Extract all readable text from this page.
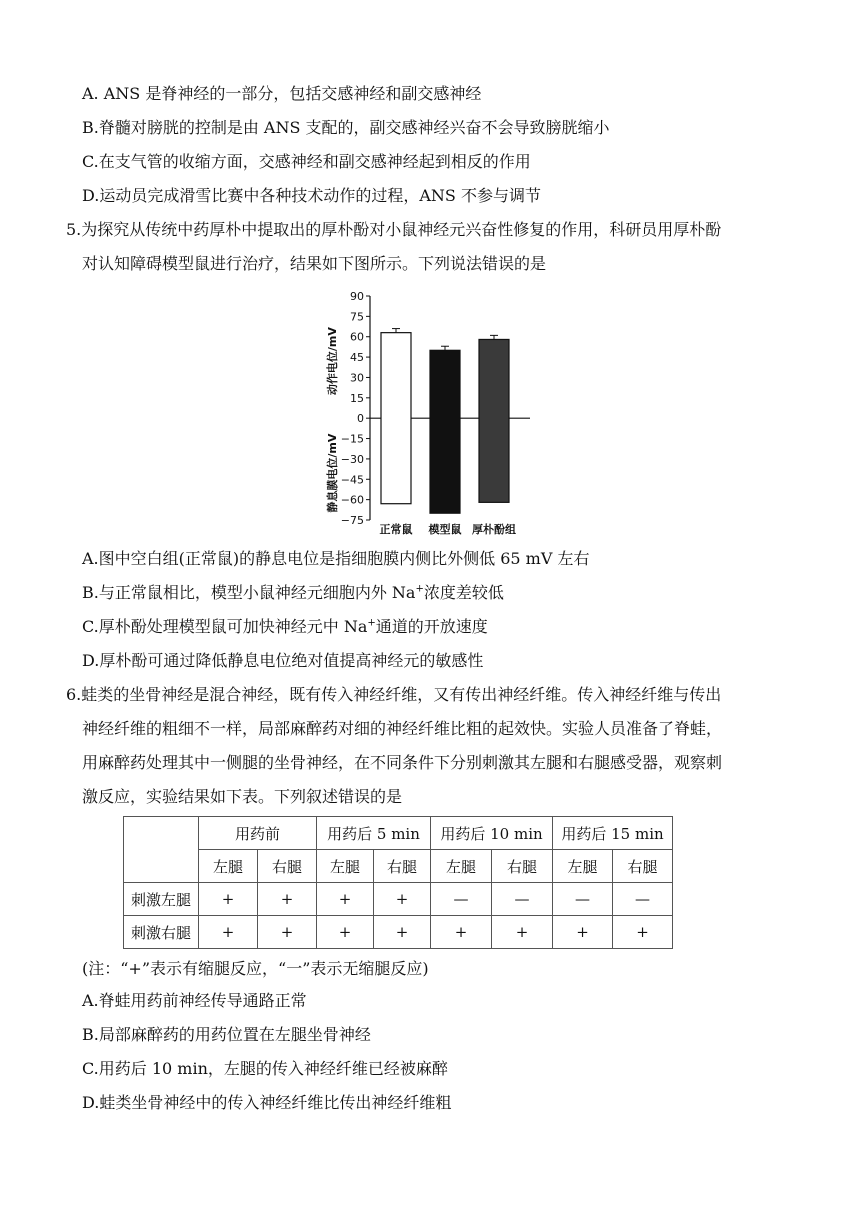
A. ANS 是脊神经的一部分，包括交感神经和副交感神经
B.脊髓对膀胱的控制是由 ANS 支配的，副交感神经兴奋不会导致膀胱缩小
C.在支气管的收缩方面，交感神经和副交感神经起到相反的作用
D.运动员完成滑雪比赛中各种技术动作的过程，ANS 不参与调节
5.为探究从传统中药厚朴中提取出的厚朴酚对小鼠神经元兴奋性修复的作用，科研员用厚朴酚
对认知障碍模型鼠进行治疗，结果如下图所示。下列说法错误的是
90
75
60
45
30
15
0
−15
−30
−45
−60
−75
正常鼠 模型鼠 厚朴酚组
动作电位/mV
静息膜电位/mV
A.图中空白组(正常鼠)的静息电位是指细胞膜内侧比外侧低 65 mV 左右
B.与正常鼠相比，模型小鼠神经元细胞内外 Na+浓度差较低
C.厚朴酚处理模型鼠可加快神经元中 Na+通道的开放速度
D.厚朴酚可通过降低静息电位绝对值提高神经元的敏感性
6.蛙类的坐骨神经是混合神经，既有传入神经纤维，又有传出神经纤维。传入神经纤维与传出
神经纤维的粗细不一样，局部麻醉药对细的神经纤维比粗的起效快。实验人员准备了脊蛙，
用麻醉药处理其中一侧腿的坐骨神经，在不同条件下分别刺激其左腿和右腿感受器，观察刺
激反应，实验结果如下表。下列叙述错误的是
	用药前		用药后 5 min		用药后 10 min		用药后 15 min	
	左腿	右腿	左腿	右腿	左腿	右腿	左腿	右腿
刺激左腿	+	+	+	+	—	—	—	—
刺激右腿	+	+	+	+	+	+	+	+
(注：“+”表示有缩腿反应，“一”表示无缩腿反应)
A.脊蛙用药前神经传导通路正常
B.局部麻醉药的用药位置在左腿坐骨神经
C.用药后 10 min，左腿的传入神经纤维已经被麻醉
D.蛙类坐骨神经中的传入神经纤维比传出神经纤维粗
